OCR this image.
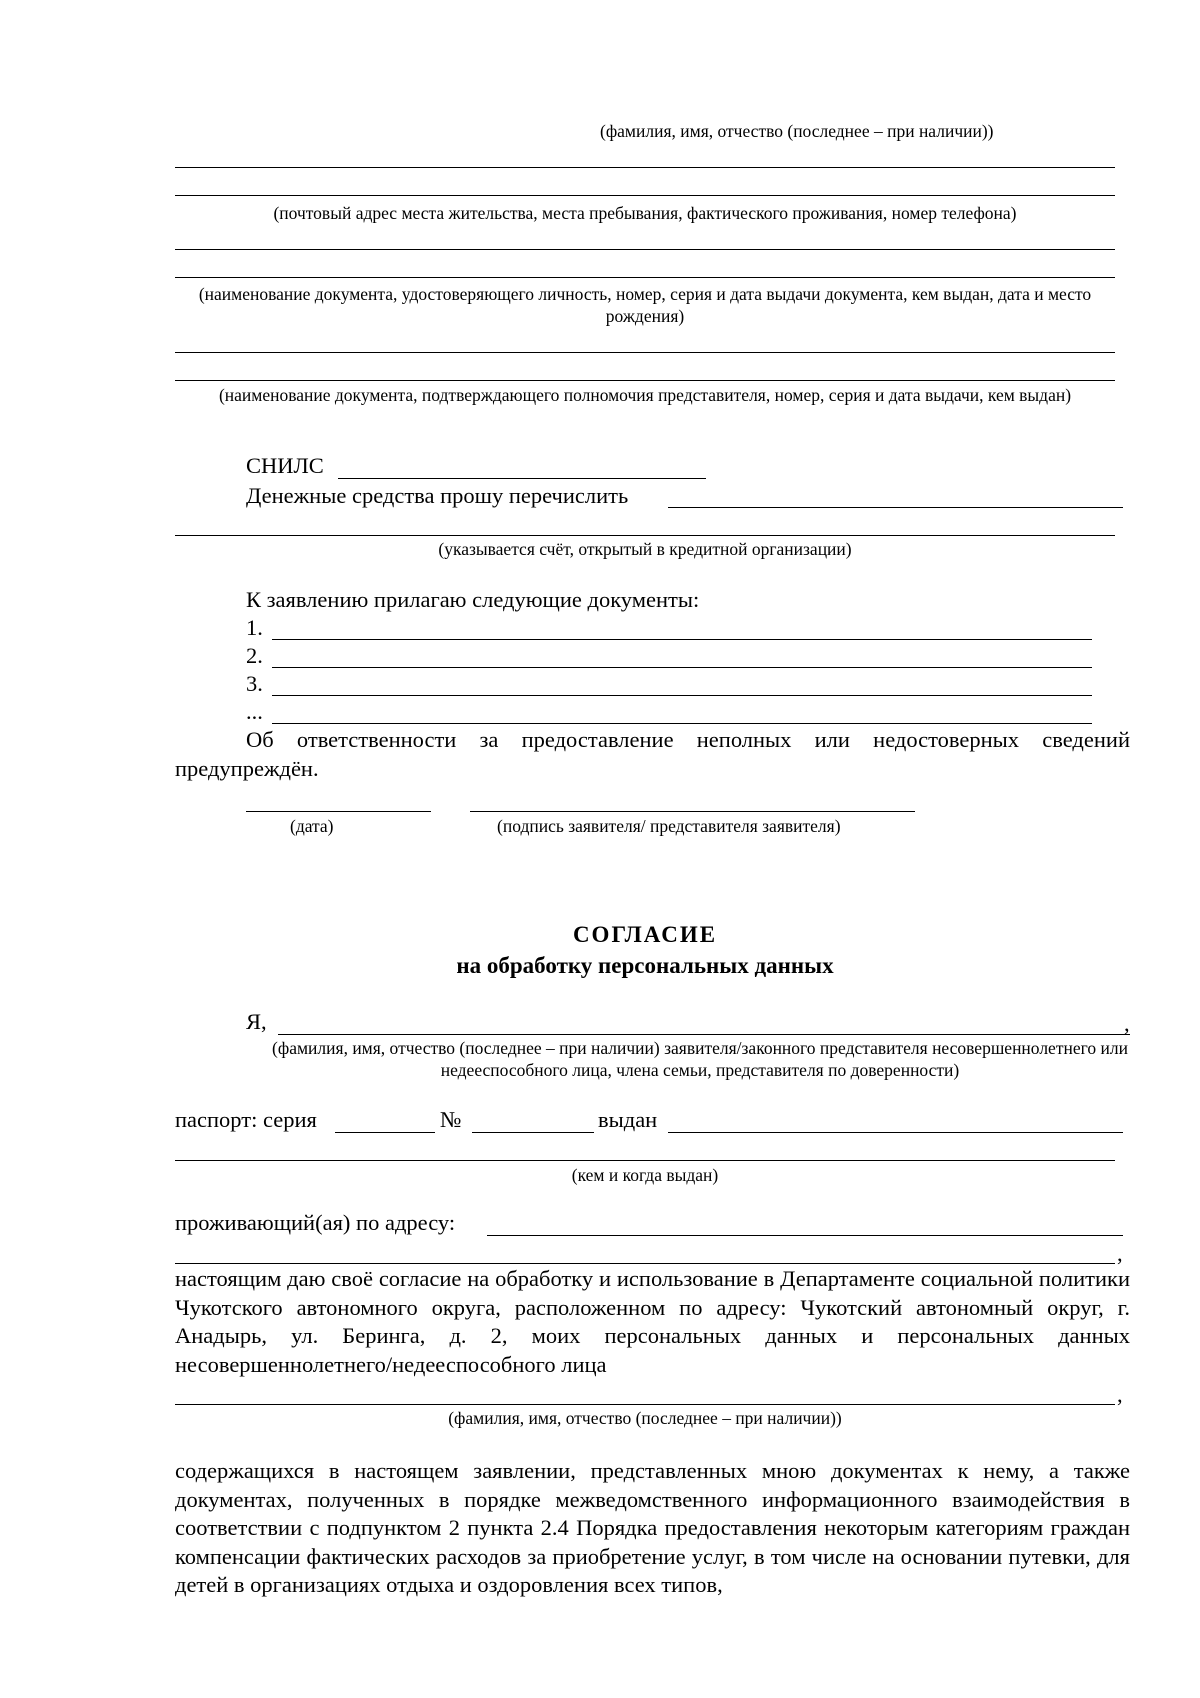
(фамилия, имя, отчество (последнее – при наличии))
(почтовый адрес места жительства, места пребывания, фактического проживания, номер телефона)
(наименование документа, удостоверяющего личность, номер, серия и дата выдачи документа, кем выдан, дата и место рождения)
(наименование документа, подтверждающего полномочия представителя, номер, серия и дата выдачи, кем выдан)
СНИЛС
Денежные средства прошу перечислить
(указывается счёт, открытый в кредитной организации)
К заявлению прилагаю следующие документы:
1.
2.
3.
...
Об ответственности за предоставление неполных или недостоверных сведений предупреждён.
(дата)	(подпись заявителя/ представителя заявителя)
СОГЛАСИЕ
на обработку персональных данных
Я,	,
(фамилия, имя, отчество (последнее – при наличии) заявителя/законного представителя несовершеннолетнего или недееспособного лица, члена семьи, представителя по доверенности)
паспорт: серия	№	выдан
(кем и когда выдан)
проживающий(ая) по адресу:
,
настоящим даю своё согласие на обработку и использование в Департаменте социальной политики Чукотского автономного округа, расположенном по адресу: Чукотский автономный округ, г. Анадырь, ул. Беринга, д. 2, моих персональных данных и персональных данных несовершеннолетнего/недееспособного лица
,
(фамилия, имя, отчество (последнее – при наличии))
содержащихся в настоящем заявлении, представленных мною документах к нему, а также документах, полученных в порядке межведомственного информационного взаимодействия в соответствии с подпунктом 2 пункта 2.4 Порядка предоставления некоторым категориям граждан компенсации фактических расходов за приобретение услуг, в том числе на основании путевки, для детей в организациях отдыха и оздоровления всех типов,
